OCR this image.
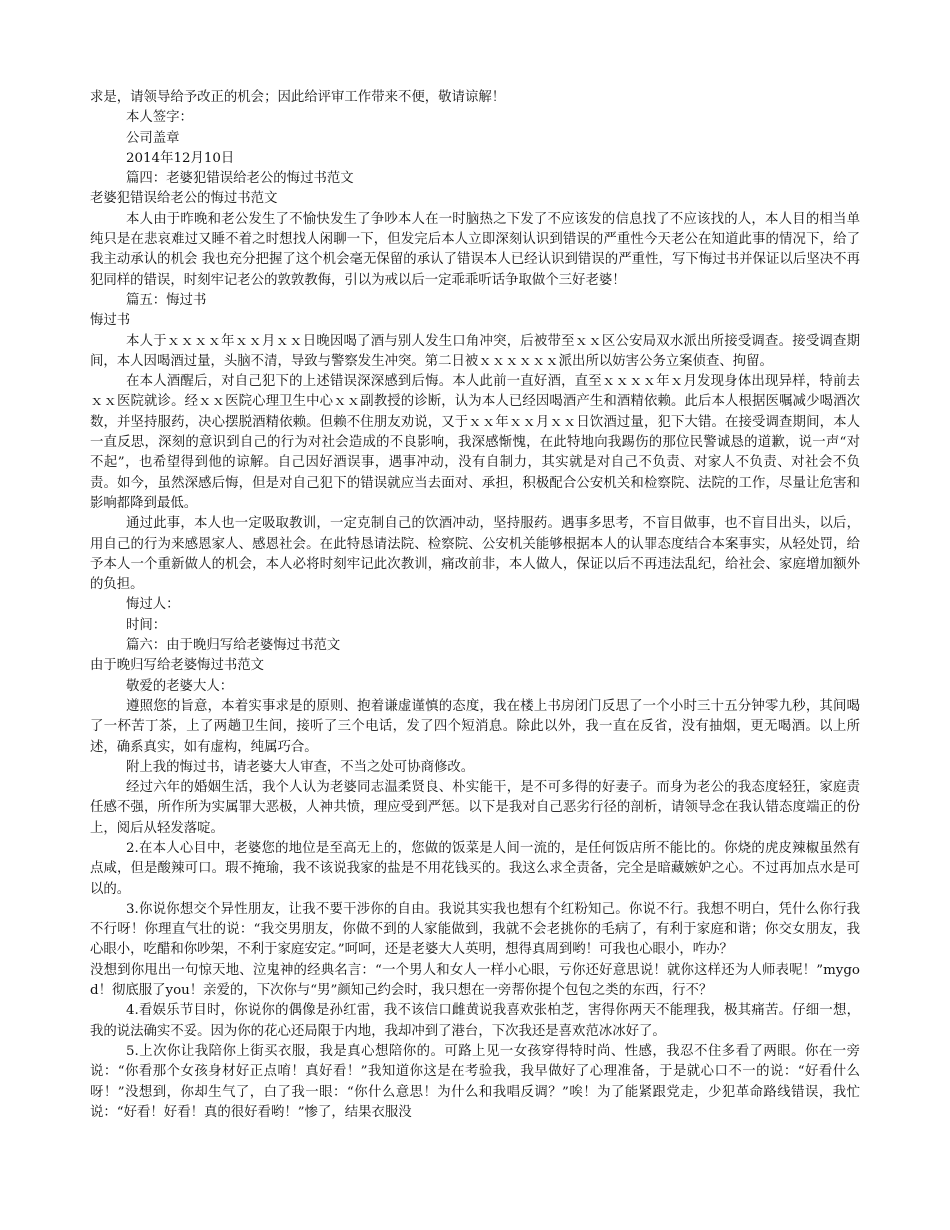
求是，请领导给予改正的机会；因此给评审工作带来不便，敬请谅解！

本人签字：

公司盖章

2014年12月10日

篇四：老婆犯错误给老公的悔过书范文

老婆犯错误给老公的悔过书范文

本人由于昨晚和老公发生了不愉快发生了争吵本人在一时脑热之下发了不应该发的信息找了不应该找的人，本人目的相当单纯只是在悲哀难过又睡不着之时想找人闲聊一下，但发完后本人立即深刻认识到错误的严重性今天老公在知道此事的情况下，给了我主动承认的机会 我也充分把握了这个机会毫无保留的承认了错误本人已经认识到错误的严重性，写下悔过书并保证以后坚决不再犯同样的错误，时刻牢记老公的敦敦教侮，引以为戒以后一定乖乖听话争取做个三好老婆！

篇五：悔过书

悔过书

本人于ｘｘｘｘ年ｘｘ月ｘｘ日晚因喝了酒与别人发生口角冲突，后被带至ｘｘ区公安局双水派出所接受调查。接受调查期间，本人因喝酒过量，头脑不清，导致与警察发生冲突。第二日被ｘｘｘｘｘｘ派出所以妨害公务立案侦查、拘留。

在本人酒醒后，对自己犯下的上述错误深深感到后悔。本人此前一直好酒，直至ｘｘｘｘ年ｘ月发现身体出现异样，特前去ｘｘ医院就诊。经ｘｘ医院心理卫生中心ｘｘ副教授的诊断，认为本人已经因喝酒产生和酒精依赖。此后本人根据医嘱减少喝酒次数，并坚持服药，决心摆脱酒精依赖。但赖不住朋友劝说，又于ｘｘ年ｘｘ月ｘｘ日饮酒过量，犯下大错。在接受调查期间，本人一直反思，深刻的意识到自己的行为对社会造成的不良影响，我深感惭愧，在此特地向我踢伤的那位民警诚恳的道歉，说一声“对不起”，也希望得到他的谅解。自己因好酒误事，遇事冲动，没有自制力，其实就是对自己不负责、对家人不负责、对社会不负责。如今，虽然深感后悔，但是对自己犯下的错误就应当去面对、承担，积极配合公安机关和检察院、法院的工作，尽量让危害和影响都降到最低。

通过此事，本人也一定吸取教训，一定克制自己的饮酒冲动，坚持服药。遇事多思考，不盲目做事，也不盲目出头，以后，用自己的行为来感恩家人、感恩社会。在此特恳请法院、检察院、公安机关能够根据本人的认罪态度结合本案事实，从轻处罚，给予本人一个重新做人的机会，本人必将时刻牢记此次教训，痛改前非，本人做人，保证以后不再违法乱纪，给社会、家庭增加额外的负担。

悔过人：

时间：

篇六：由于晚归写给老婆悔过书范文

由于晚归写给老婆悔过书范文

敬爱的老婆大人：

遵照您的旨意，本着实事求是的原则、抱着谦虚谨慎的态度，我在楼上书房闭门反思了一个小时三十五分钟零九秒，其间喝了一杯苦丁茶，上了两趟卫生间，接听了三个电话，发了四个短消息。除此以外，我一直在反省，没有抽烟，更无喝酒。以上所述，确系真实，如有虚构，纯属巧合。

附上我的悔过书，请老婆大人审查，不当之处可协商修改。

经过六年的婚姻生活，我个人认为老婆同志温柔贤良、朴实能干，是不可多得的好妻子。而身为老公的我态度轻狂，家庭责任感不强，所作所为实属罪大恶极，人神共愤，理应受到严惩。以下是我对自己恶劣行径的剖析，请领导念在我认错态度端正的份上，阅后从轻发落啶。

2.在本人心目中，老婆您的地位是至高无上的，您做的饭菜是人间一流的，是任何饭店所不能比的。你烧的虎皮辣椒虽然有点咸，但是酸辣可口。瑕不掩瑜，我不该说我家的盐是不用花钱买的。我这么求全责备，完全是暗藏嫉妒之心。不过再加点水是可以的。

3.你说你想交个异性朋友，让我不要干涉你的自由。我说其实我也想有个红粉知己。你说不行。我想不明白，凭什么你行我不行呀！你理直气壮的说：“我交男朋友，你做不到的人家能做到，我就不会老挑你的毛病了，有利于家庭和谐；你交女朋友，我心眼小，吃醋和你吵架，不利于家庭安定。”呵呵，还是老婆大人英明，想得真周到哟！可我也心眼小，咋办？

没想到你甩出一句惊天地、泣鬼神的经典名言：“一个男人和女人一样小心眼，亏你还好意思说！就你这样还为人师表呢！”mygod！彻底服了you！亲爱的，下次你与“男”颜知己约会时，我只想在一旁帮你提个包包之类的东西，行不？

4.看娱乐节目时，你说你的偶像是孙红雷，我不该信口雌黄说我喜欢张柏芝，害得你两天不能理我，极其痛苦。仔细一想，我的说法确实不妥。因为你的花心还局限于内地，我却冲到了港台，下次我还是喜欢范冰冰好了。

5.上次你让我陪你上街买衣服，我是真心想陪你的。可路上见一女孩穿得特时尚、性感，我忍不住多看了两眼。你在一旁说：“你看那个女孩身材好正点唷！真好看！”我知道你这是在考验我，我早做好了心理准备，于是就心口不一的说：“好看什么呀！”没想到，你却生气了，白了我一眼：“你什么意思！为什么和我唱反调？”唉！为了能紧跟党走，少犯革命路线错误，我忙说：“好看！好看！真的很好看哟！”惨了，结果衣服没
